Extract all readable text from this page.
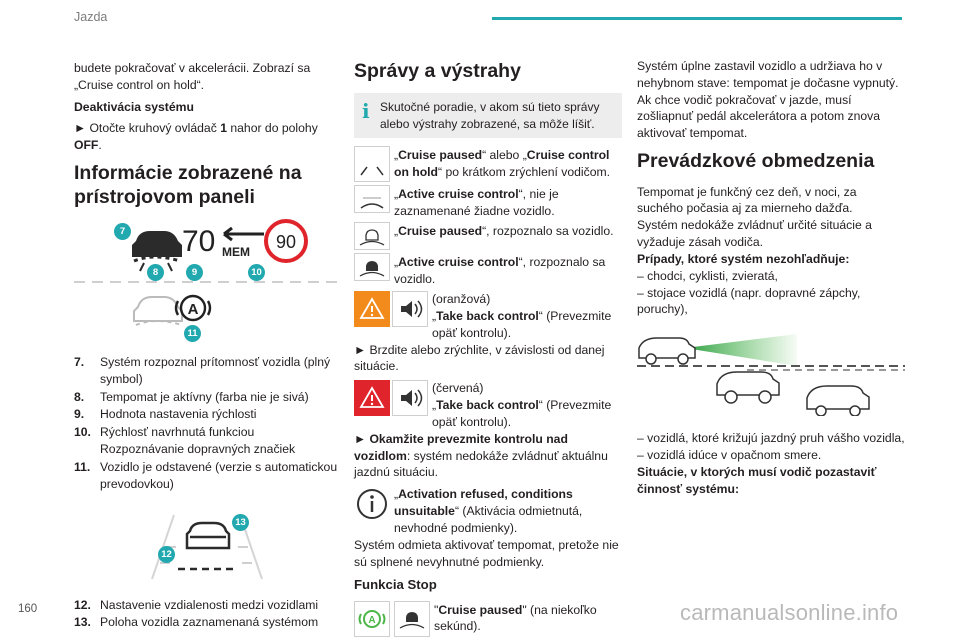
Jazda

budete pokračovať v akcelerácii. Zobrazí sa „Cruise control on hold“.

Deaktivácia systému

► Otočte kruhový ovládač 1 nahor do polohy OFF.

Informácie zobrazené na prístrojovom paneli
70 MEM 90
A
7
8	9	10
11
7.	Systém rozpoznal prítomnosť vozidla (plný symbol)
8.	Tempomat je aktívny (farba nie je sivá)
9.	Hodnota nastavenia rýchlosti
10. Rýchlosť navrhnutá funkciou Rozpoznávanie dopravných značiek
11. Vozidlo je odstavené (verzie s automatickou prevodovkou)
13
12
12. Nastavenie vzdialenosti medzi vozidlami
13. Poloha vozidla zaznamenaná systémom
Správy a výstrahy
i Skutočné poradie, v akom sú tieto správy alebo výstrahy zobrazené, sa môže líšiť.
„Cruise paused“ alebo „Cruise control on hold“ po krátkom zrýchlení vodičom.
„Active cruise control“, nie je zaznamenané žiadne vozidlo.
„Cruise paused“, rozpoznalo sa vozidlo.
„Active cruise control“, rozpoznalo sa vozidlo.
(oranžová)
„Take back control“ (Prevezmite opäť kontrolu).

► Brzdite alebo zrýchlite, v závislosti od danej situácie.

(červená)
„Take back control“ (Prevezmite opäť kontrolu).

► Okamžite prevezmite kontrolu nad vozidlom: systém nedokáže zvládnuť aktuálnu jazdnú situáciu.

„Activation refused, conditions unsuitable“ (Aktivácia odmietnutá, nevhodné podmienky).

Systém odmieta aktivovať tempomat, pretože nie sú splnené nevyhnutné podmienky.

Funkcia Stop
A
"Cruise paused" (na niekoľko sekúnd).

Systém úplne zastavil vozidlo a udržiava ho v nehybnom stave: tempomat je dočasne vypnutý. Ak chce vodič pokračovať v jazde, musí zošliapnuť pedál akcelerátora a potom znova aktivovať tempomat.

Prevádzkové obmedzenia

Tempomat je funkčný cez deň, v noci, za suchého počasia aj za mierneho dažďa.

Systém nedokáže zvládnuť určité situácie a vyžaduje zásah vodiča.

Prípady, ktoré systém nezohľadňuje:

– chodci, cyklisti, zvieratá,

– stojace vozidlá (napr. dopravné zápchy, poruchy),

– vozidlá, ktoré križujú jazdný pruh vášho vozidla,

– vozidlá idúce v opačnom smere.

Situácie, v ktorých musí vodič pozastaviť činnosť systému:

160	carmanualsonline.info
